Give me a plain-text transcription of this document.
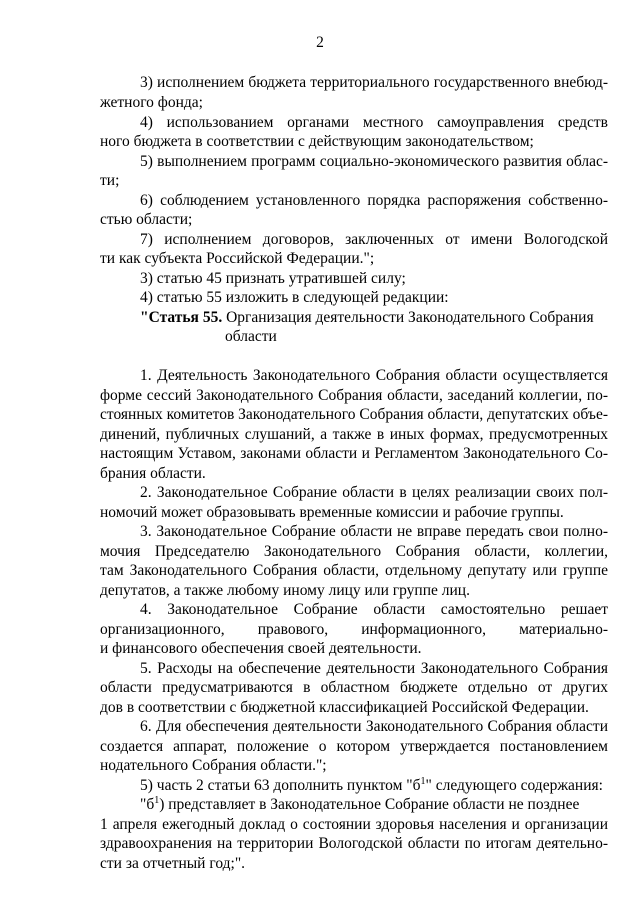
2
3) исполнением бюджета территориального государственного внебюд-
жетного фонда;
4) использованием органами местного самоуправления средств
ного бюджета в соответствии с действующим законодательством;
5) выполнением программ социально-экономического развития облас-
ти;
6) соблюдением установленного порядка распоряжения собственно-
стью области;
7) исполнением договоров, заключенных от имени Вологодской
ти как субъекта Российской Федерации.";
3) статью 45 признать утратившей силу;
4) статью 55 изложить в следующей редакции:
"Статья 55. Организация деятельности Законодательного Собрания
области
1. Деятельность Законодательного Собрания области осуществляется
форме сессий Законодательного Собрания области, заседаний коллегии, по-
стоянных комитетов Законодательного Собрания области, депутатских объе-
динений, публичных слушаний, а также в иных формах, предусмотренных
настоящим Уставом, законами области и Регламентом Законодательного Со-
брания области.
2. Законодательное Собрание области в целях реализации своих пол-
номочий может образовывать временные комиссии и рабочие группы.
3. Законодательное Собрание области не вправе передать свои полно-
мочия Председателю Законодательного Собрания области, коллегии,
там Законодательного Собрания области, отдельному депутату или группе
депутатов, а также любому иному лицу или группе лиц.
4. Законодательное Собрание области самостоятельно решает
организационного, правового, информационного, материально-
и финансового обеспечения своей деятельности.
5. Расходы на обеспечение деятельности Законодательного Собрания
области предусматриваются в областном бюджете отдельно от других
дов в соответствии с бюджетной классификацией Российской Федерации.
6. Для обеспечения деятельности Законодательного Собрания области
создается аппарат, положение о котором утверждается постановлением
нодательного Собрания области.";
5) часть 2 статьи 63 дополнить пунктом "$б^1$" следующего содержания:
"$б^1$) представляет в Законодательное Собрание области не позднее
1 апреля ежегодный доклад о состоянии здоровья населения и организации
здравоохранения на территории Вологодской области по итогам деятельно-
сти за отчетный год;".
